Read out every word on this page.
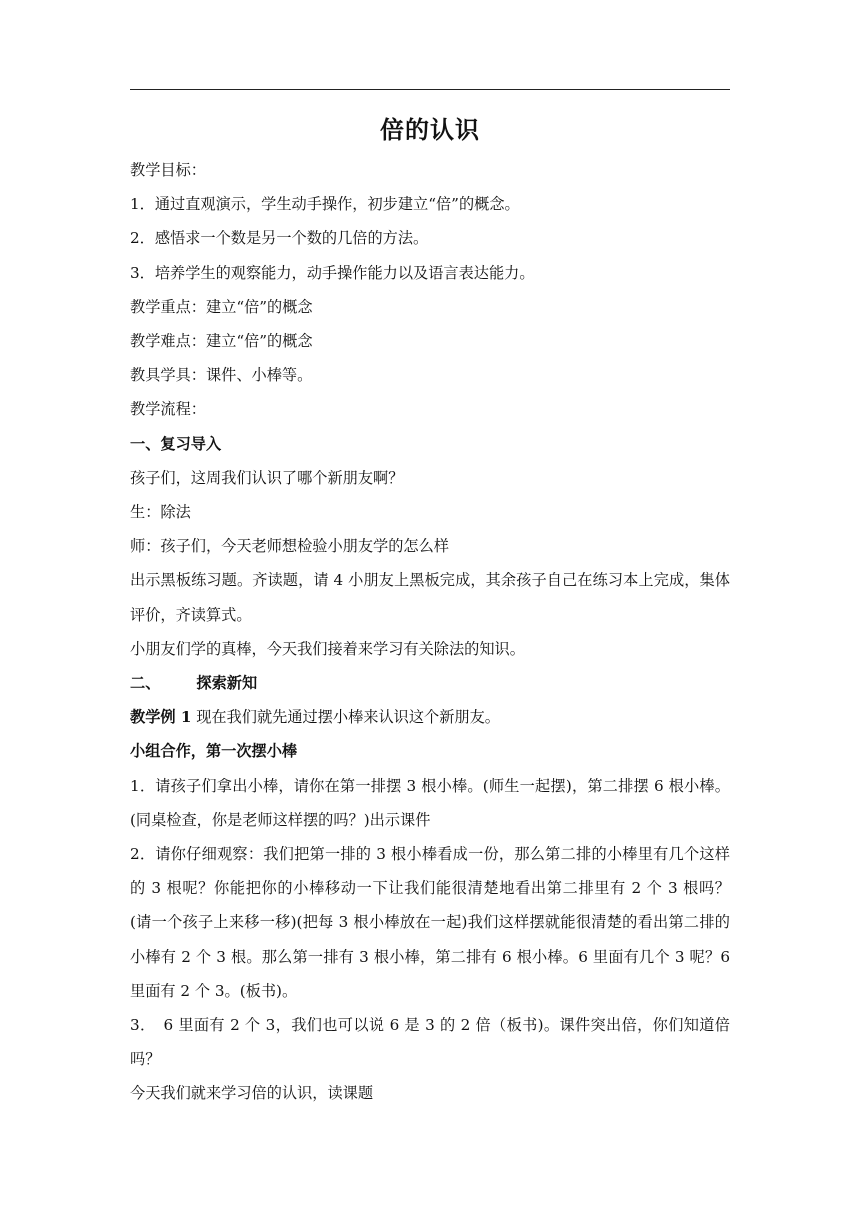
倍的认识

教学目标：

1．通过直观演示，学生动手操作，初步建立“倍”的概念。

2．感悟求一个数是另一个数的几倍的方法。

3．培养学生的观察能力，动手操作能力以及语言表达能力。

教学重点：建立“倍”的概念

教学难点：建立“倍”的概念

教具学具：课件、小棒等。

教学流程：

一、复习导入

孩子们，这周我们认识了哪个新朋友啊？

生：除法

师：孩子们，今天老师想检验小朋友学的怎么样

出示黑板练习题。齐读题，请 4 小朋友上黑板完成，其余孩子自己在练习本上完成，集体评价，齐读算式。

小朋友们学的真棒，今天我们接着来学习有关除法的知识。

二、 探索新知

教学例 1 现在我们就先通过摆小棒来认识这个新朋友。

小组合作，第一次摆小棒

1．请孩子们拿出小棒，请你在第一排摆 3 根小棒。(师生一起摆)，第二排摆 6 根小棒。(同桌检查，你是老师这样摆的吗？)出示课件

2．请你仔细观察：我们把第一排的 3 根小棒看成一份，那么第二排的小棒里有几个这样的 3 根呢？你能把你的小棒移动一下让我们能很清楚地看出第二排里有 2 个 3 根吗？　(请一个孩子上来移一移)(把每 3 根小棒放在一起)我们这样摆就能很清楚的看出第二排的小棒有 2 个 3 根。那么第一排有 3 根小棒，第二排有 6 根小棒。6 里面有几个 3 呢？6 里面有 2 个 3。(板书)。

3．　6 里面有 2 个 3，我们也可以说 6 是 3 的 2 倍（板书)。课件突出倍，你们知道倍吗？

今天我们就来学习倍的认识，读课题
